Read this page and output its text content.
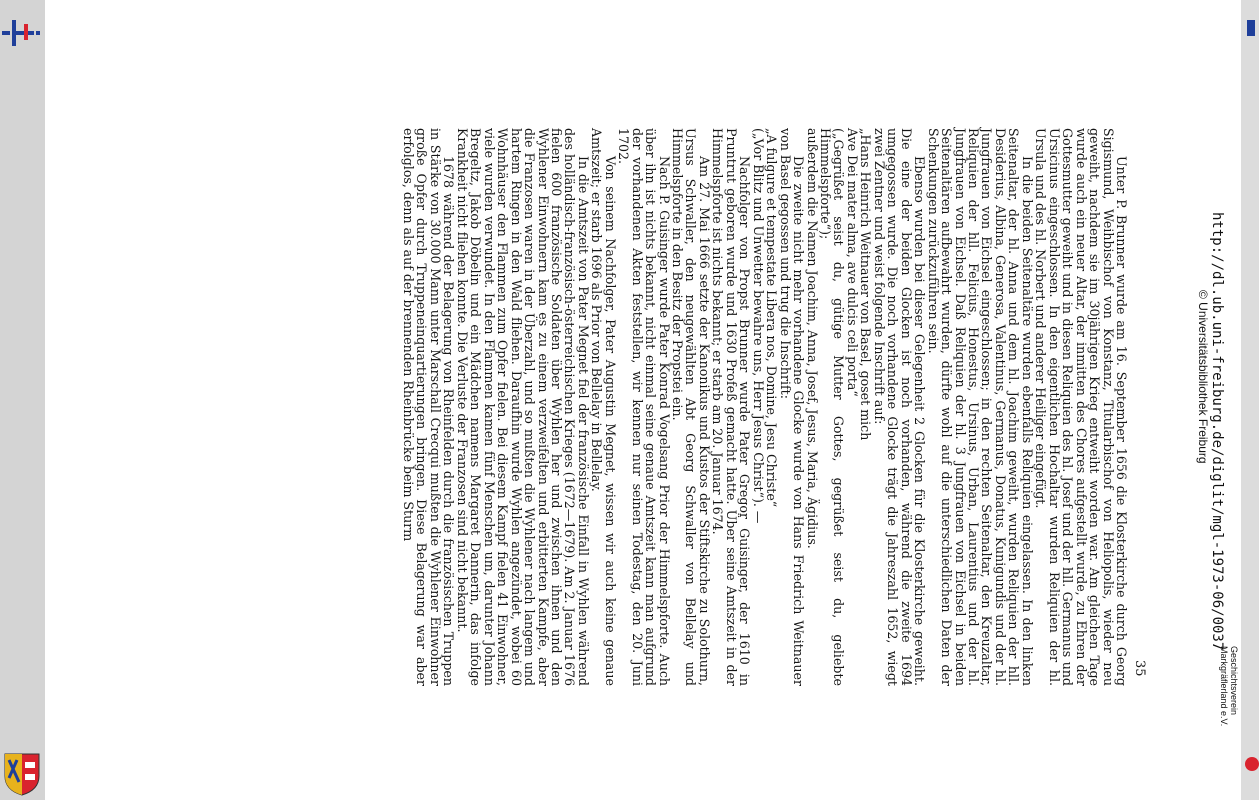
http://dl.ub.uni-freiburg.de/diglit/mgl-1973-06/0037
© Universitätsbibliothek Freiburg
Geschichtsverein
Markgräflerland e.V.
35

Unter P. Brunner wurde am 16. September 1656 die Klosterkirche durch Georg Sigismund, Weihbischof von Konstanz, Titularbischof von Heliopolis, wieder neu geweiht, nachdem sie im 30jährigen Krieg entweiht worden war. Am gleichen Tage wurde auch ein neuer Altar, der inmitten des Chores aufgestellt wurde, zu Ehren der Gottesmutter geweiht und in diesen Reliquien des hl. Josef und der hll. Germanus und Ursicinus eingeschlossen. In den eigentlichen Hochaltar wurden Reliquien der hl. Ursula und des hl. Norbert und anderer Heiliger eingefügt.

In die beiden Seitenaltäre wurden ebenfalls Reliquien eingelassen. In den linken Seitenaltar, der hl. Anna und dem hl. Joachim geweiht, wurden Reliquien der hll. Desiderius, Albina, Generosa, Valentinus, Germanus, Donatus, Kunigundis und der hl. Jungfrauen von Eichsel eingeschlossen; in den rechten Seitenaltar, den Kreuzaltar, Reliquien der hll. Felicius, Honestus, Ursinus, Urban, Laurentius und der hl. Jungfrauen von Eichsel. Daß Reliquien der hl. 3 Jungfrauen von Eichsel in beiden Seitenaltären aufbewahrt wurden, dürfte wohl auf die unterschiedlichen Daten der Schenkungen zurückzuführen sein.

Ebenso wurden bei dieser Gelegenheit 2 Glocken für die Klosterkirche geweiht. Die eine der beiden Glocken ist noch vorhanden, während die zweite 1694 umgegossen wurde. Die noch vorhandene Glocke trägt die Jahreszahl 1652, wiegt zwei Zentner und weist folgende Inschrift auf:

„Hans Heinrich Weitnauer von Basel, goset mich

Ave Dei mater alma, ave dulcis celi porta“

(„Gegrüßet seist du, gütige Mutter Gottes, gegrüßet seist du, geliebte Himmelspforte“);

außerdem die Namen Joachim, Anna, Josef, Jesus, Maria, Ägidius.

Die zweite nicht mehr vorhandene Glocke wurde von Hans Friedrich Weitnauer von Basel gegossen und trug die Inschrift:

„A fulgure et tempestate Libera nos, Domine, Jesu Christe“

(„Vor Blitz und Unwetter bewahre uns, Herr Jesus Christ“). —

Nachfolger von Propst Brunner wurde Pater Gregor Guisinger, der 1610 in Pruntrut geboren wurde und 1630 Profeß gemacht hatte. Über seine Amtszeit in der Himmelspforte ist nichts bekannt; er starb am 20. Januar 1674.

Am 27. Mai 1666 setzte der Kanonikus und Kustos der Stiftskirche zu Solothurn, Ursus Schwaller, den neugewählten Abt Georg Schwaller von Bellelay und Himmelspforte in den Besitz der Propstei ein.

Nach P. Guisinger wurde Pater Konrad Vogelsang Prior der Himmelspforte. Auch über ihn ist nichts bekannt, nicht einmal seine genaue Amtszeit kann man aufgrund der vorhandenen Akten feststellen, wir kennen nur seinen Todestag, den 20. Juni 1702.

Von seinem Nachfolger, Pater Augustin Megnet, wissen wir auch keine genaue Amtszeit; er starb 1696 als Prior von Bellelay in Bellelay.

In die Amtszeit von Pater Megnet fiel der französische Einfall in Wyhlen während des holländisch-französisch-österreichischen Krieges (1672—1679). Am 2. Januar 1676 fielen 600 französische Soldaten über Wyhlen her und zwischen ihnen und den Wyhlener Einwohnern kam es zu einem verzweifelten und erbitterten Kampfe, aber die Franzosen waren in der Überzahl, und so mußten die Wyhlener nach langem und hartem Ringen in den Wald fliehen. Daraufhin wurde Wyhlen angezündet, wobei 60 Wohnhäuser den Flammen zum Opfer fielen. Bei diesem Kampf fielen 41 Einwohner, viele wurden verwundet. In den Flammen kamen fünf Menschen um, darunter Johann Bregeltz, Jakob Döbelin und ein Mädchen namens Margaret Dannerin, das infolge Krankheit nicht fliehen konnte. Die Verluste der Franzosen sind nicht bekannt.

1678 während der Belagerung von Rheinfelden durch die französischen Truppen in Stärke von 30.000 Mann unter Marschall Crecqui mußten die Wyhlener Einwohner große Opfer durch Truppeneinquartierungen bringen. Diese Belagerung war aber erfolglos, denn als auf der brennenden Rheinbrücke beim Sturm
